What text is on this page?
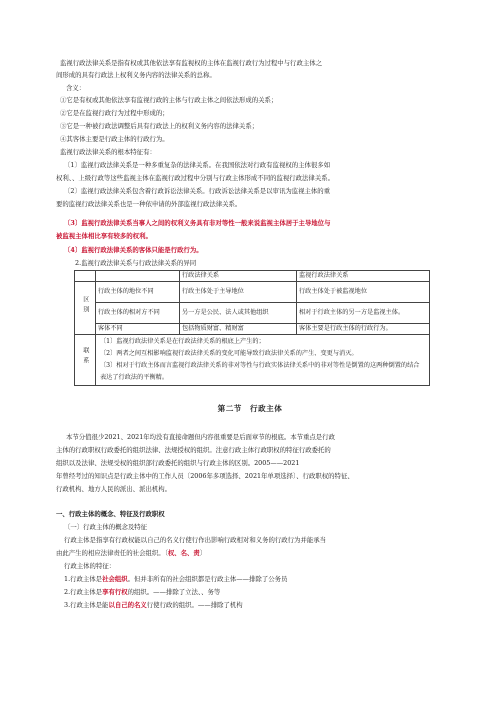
监视行政法律关系是指有权或其他依法享有监视权的主体在监视行政行为过程中与行政主体之
间形成的具有行政法上权利义务内容的法律关系的总称。
含义：
①它是有权或其他依法享有监视行政的主体与行政主体之间依法形成的关系；
②它是在监视行政行为过程中形成的；
③它是一种被行政法调整后具有行政法上的权利义务内容的法律关系；
④其客体主要是行政主体的行政行为。
监视行政法律关系的根本特征有：
〔1〕监视行政法律关系是一种多重复杂的法律关系。在我国依法对行政有监视权的主体很多如
权利、、上级行政等这些监视主体在监视行政过程中分别与行政主体形成不同的监视行政法律关系。
〔2〕监视行政法律关系包含着行政诉讼法律关系。行政诉讼法律关系是以审讯为监视主体的重
要的监视行政法律关系也是一种依申请的外部监视行政法律关系。
〔3〕监视行政法律关系当事人之间的权利义务具有非对等性一般来说监视主体居于主导地位与
被监视主体相比享有较多的权利。
〔4〕监视行政法律关系的客体只能是行政行为。
2.监视行政法律关系与行政法律关系的异同
		行政法律关系	监视行政法律关系
区别	行政主体的地位不同	行政主体处于主导地位	行政主体处于被监视地位
	行政主体的相对方不同	另一方是公民、法人或其他组织	相对于行政主体的另一方是监视主体。
	客体不同	包括物质财富、精财富	客体主要是行政主体的行政行为。
联系	〔1〕监视行政法律关系是在行政法律关系的根底上产生的；
〔2〕两者之间互相影响监视行政法律关系的变化可能导致行政法律关系的产生、变更与消灭。
〔3〕相对于行政主体而言监视行政法律关系的非对等性与行政实体法律关系中的非对等性是倒置的这两种倒置的结合表达了行政法的平衡精。		
第二节　行政主体
本节分值很少2021、2021年均没有直接命题但内容很重要是后面章节的根底。本节重点是行政
主体的行政职权行政委托的组织法律、法规授权的组织。注意行政主体行政职权的特征行政委托的
组织以及法律、法规受权的组织部行政委托的组织与行政主体的区别。2005——2021
年曾经考过的知识点是行政主体中的工作人员〔2006年多项选择、2021年单项选择〕、行政职权的特征、
行政机构、地方人民的派出、派出机构。
一、行政主体的概念、特征及行政职权
〔一〕行政主体的概念及特征
行政主体是指享有行政权能以自己的名义行使行作出影响行政相对和义务的行政行为并能承当
由此产生的相应法律责任的社会组织。〔权、名、责〕
行政主体的特征：
1.行政主体是社会组织。但并非所有的社会组织都是行政主体——排除了公务员
2.行政主体是享有行权的组织。——排除了立法、、务等
3.行政主体是能以自己的名义行使行政的组织。——排除了机构
